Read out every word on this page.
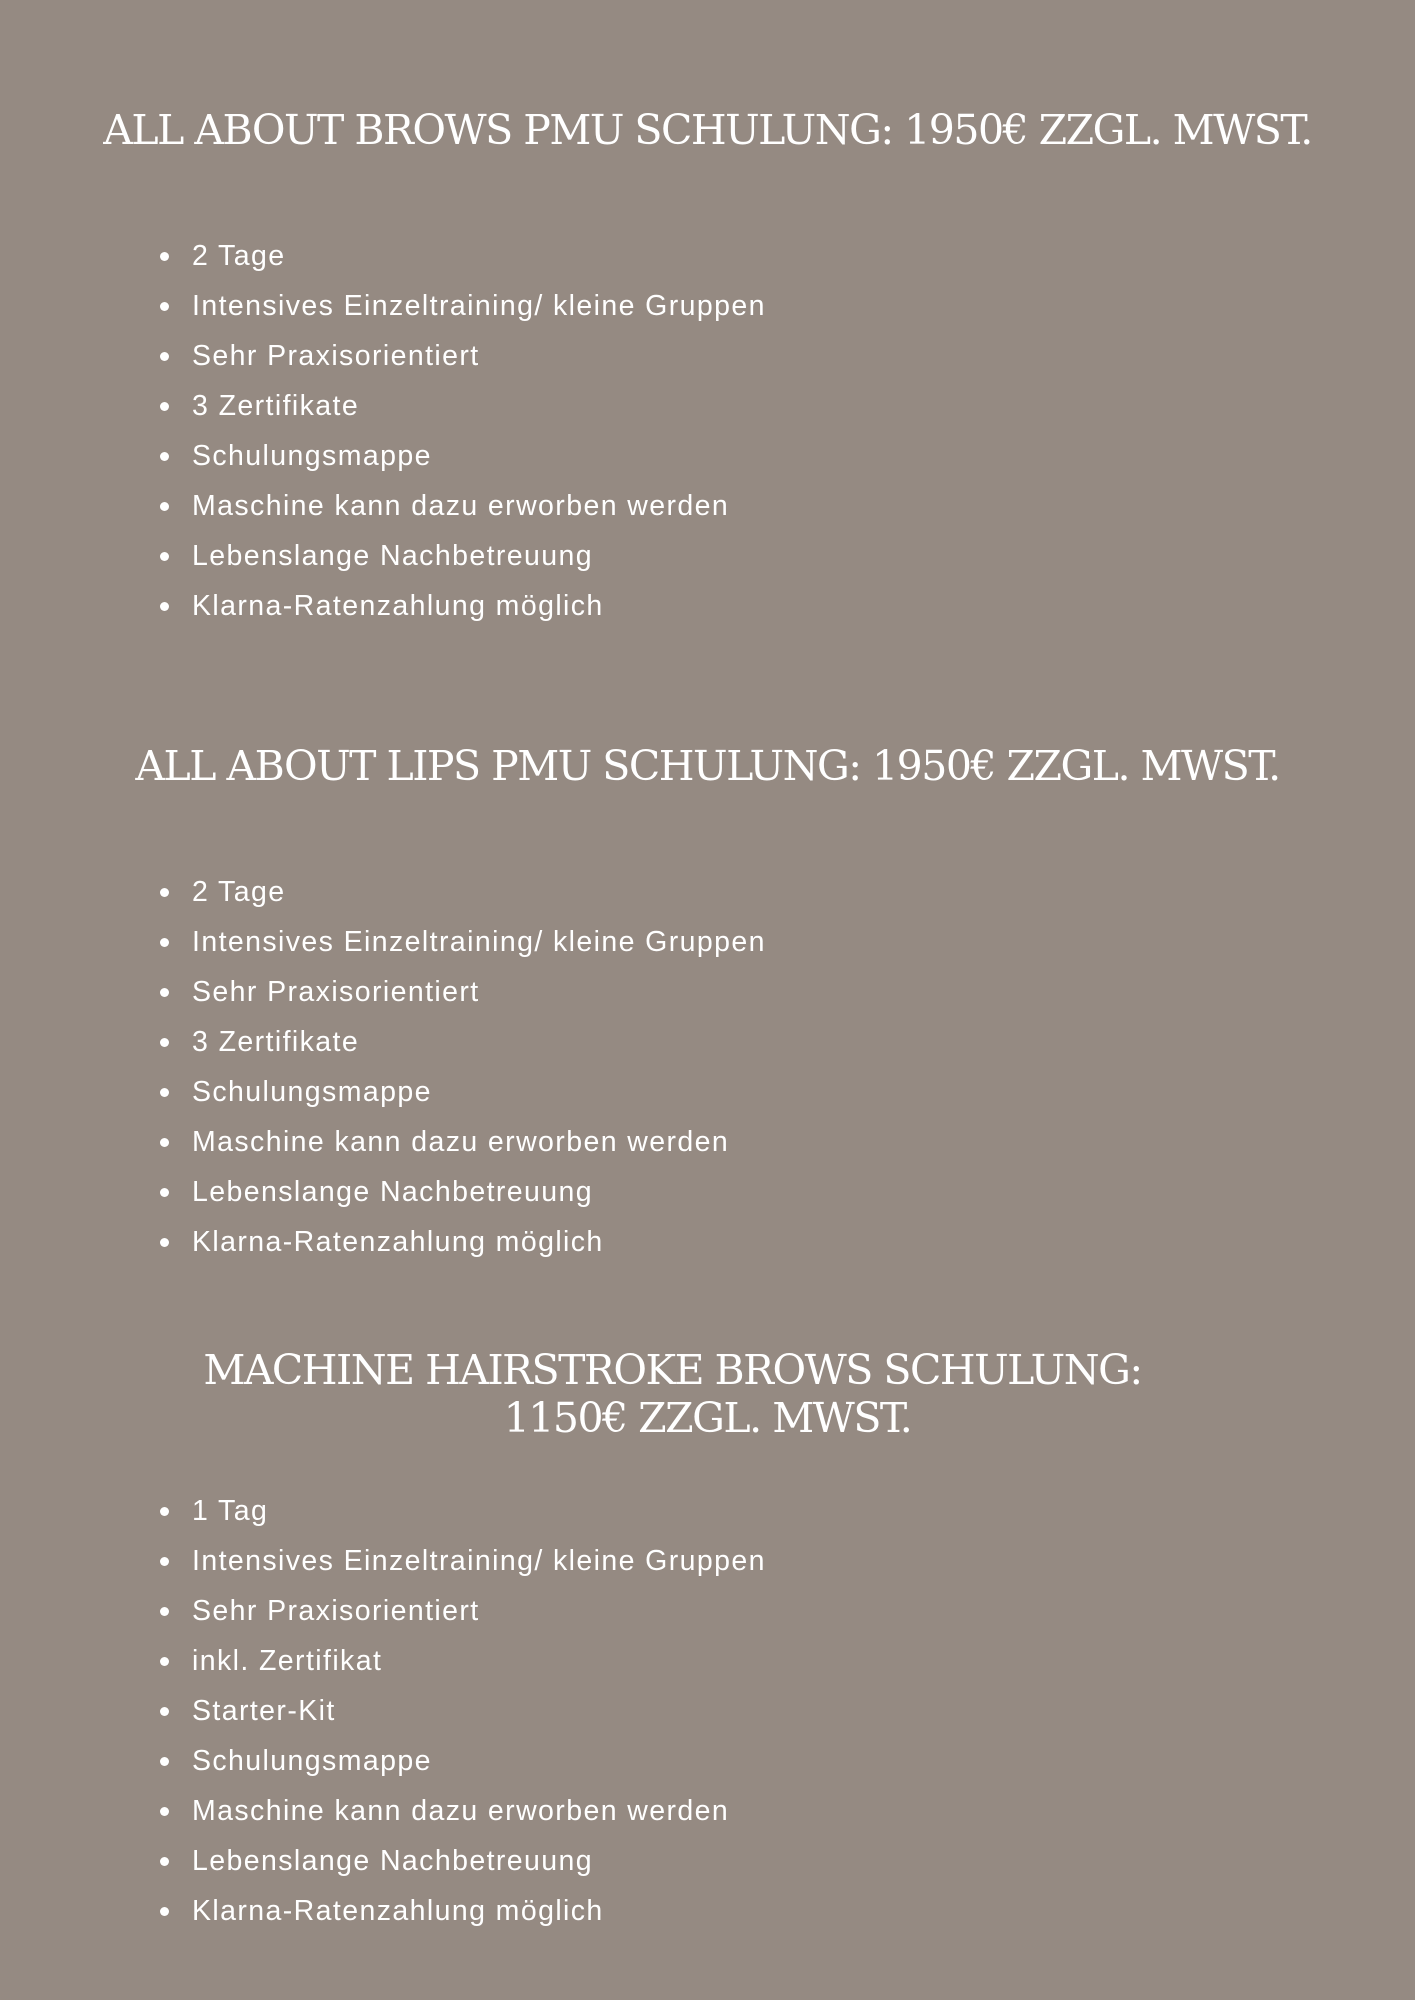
ALL ABOUT BROWS PMU SCHULUNG: 1950€ ZZGL. MWST.
2 Tage
Intensives Einzeltraining/ kleine Gruppen
Sehr Praxisorientiert
3 Zertifikate
Schulungsmappe
Maschine kann dazu erworben werden
Lebenslange Nachbetreuung
Klarna-Ratenzahlung möglich
ALL ABOUT LIPS PMU SCHULUNG: 1950€ ZZGL. MWST.
2 Tage
Intensives Einzeltraining/ kleine Gruppen
Sehr Praxisorientiert
3 Zertifikate
Schulungsmappe
Maschine kann dazu erworben werden
Lebenslange Nachbetreuung
Klarna-Ratenzahlung möglich
MACHINE HAIRSTROKE BROWS SCHULUNG:
1150€ ZZGL. MWST.
1 Tag
Intensives Einzeltraining/ kleine Gruppen
Sehr Praxisorientiert
inkl. Zertifikat
Starter-Kit
Schulungsmappe
Maschine kann dazu erworben werden
Lebenslange Nachbetreuung
Klarna-Ratenzahlung möglich
